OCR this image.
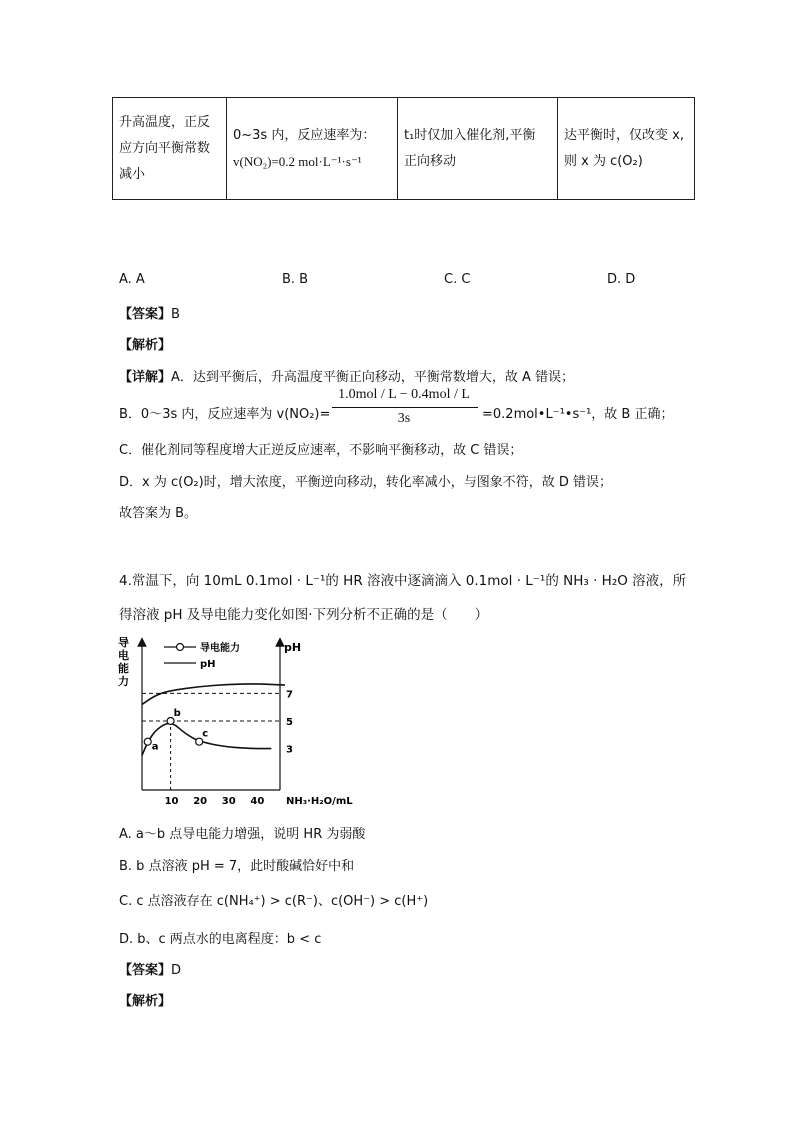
升高温度，正反
应方向平衡常数
减小

0~3s 内，反应速率为：
v(NO₂)=0.2 mol·L⁻¹·s⁻¹

t₁时仅加入催化剂,平衡
正向移动

达平衡时，仅改变 x,
则 x 为 c(O₂)
A. A	B. B	C. C	D. D
【答案】B
【解析】
【详解】A．达到平衡后，升高温度平衡正向移动，平衡常数增大，故 A 错误；
B．0～3s 内，反应速率为 v(NO₂)=
1.0mol / L − 0.4mol / L
3s	=0.2mol•L⁻¹•s⁻¹，故 B 正确；
C．催化剂同等程度增大正逆反应速率，不影响平衡移动，故 C 错误；
D．x 为 c(O₂)时，增大浓度，平衡逆向移动，转化率减小，与图象不符，故 D 错误；
故答案为 B。
4.常温下，向 10mL 0.1mol · L⁻¹的 HR 溶液中逐滴滴入 0.1mol · L⁻¹的 NH₃ · H₂O 溶液，所
得溶液 pH 及导电能力变化如图·下列分析不正确的是（　　）
导电能力
导电能力
pH
pH
NH₃·H₂O/mL
a
b
c
10 20 30 40
3
5
7
A. a～b 点导电能力增强，说明 HR 为弱酸
B. b 点溶液 pH = 7，此时酸碱恰好中和
C. c 点溶液存在 c(NH₄⁺) > c(R⁻)、c(OH⁻) > c(H⁺)
D. b、c 两点水的电离程度：b < c
【答案】D
【解析】
